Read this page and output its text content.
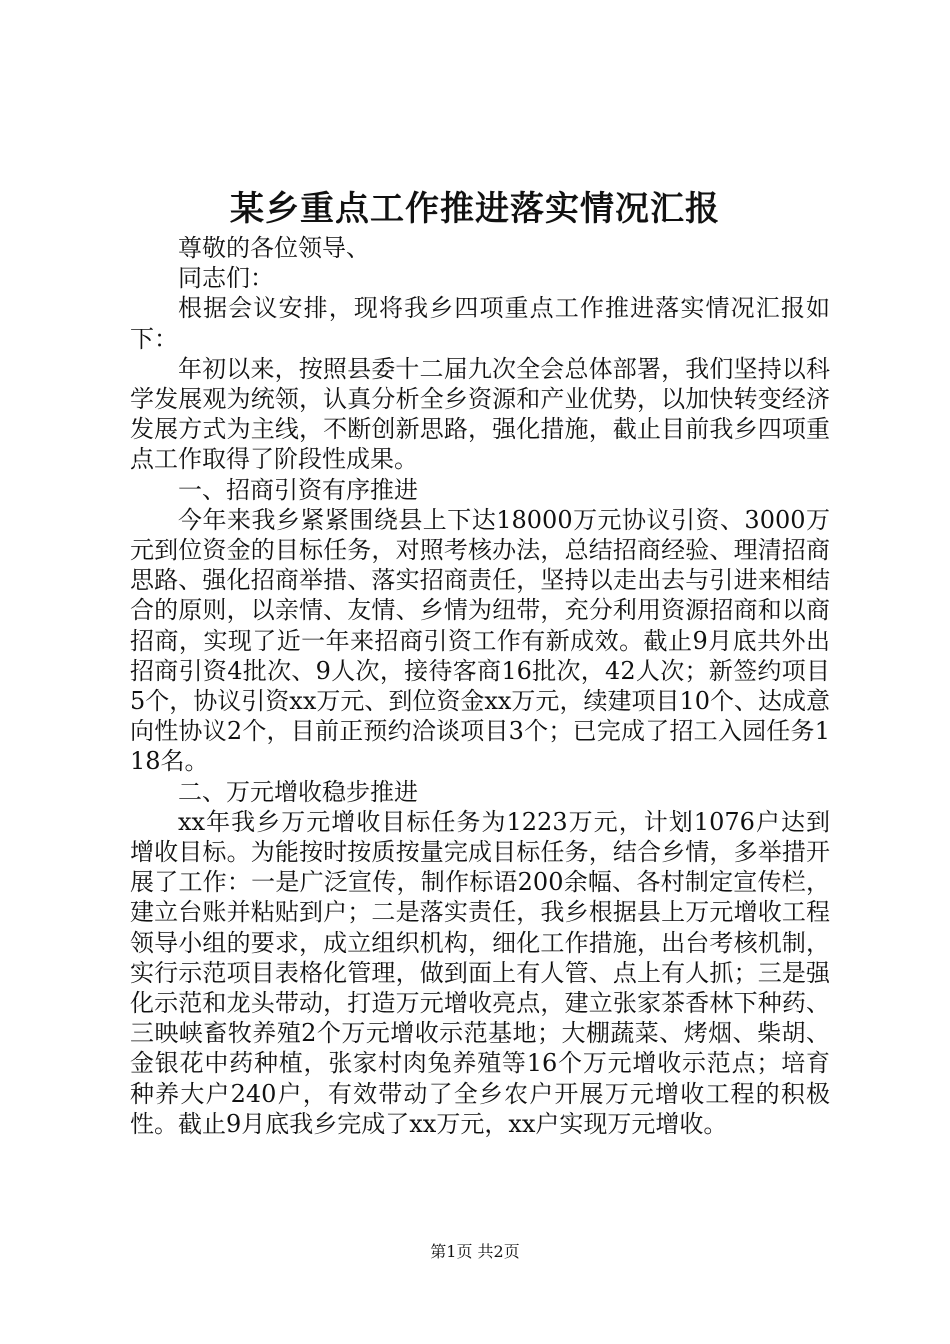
某乡重点工作推进落实情况汇报

尊敬的各位领导、

同志们：

根据会议安排，现将我乡四项重点工作推进落实情况汇报如下：

年初以来，按照县委十二届九次全会总体部署，我们坚持以科学发展观为统领，认真分析全乡资源和产业优势，以加快转变经济发展方式为主线，不断创新思路，强化措施，截止目前我乡四项重点工作取得了阶段性成果。

一、招商引资有序推进

今年来我乡紧紧围绕县上下达18000万元协议引资、3000万元到位资金的目标任务，对照考核办法，总结招商经验、理清招商思路、强化招商举措、落实招商责任，坚持以走出去与引进来相结合的原则，以亲情、友情、乡情为纽带，充分利用资源招商和以商招商，实现了近一年来招商引资工作有新成效。截止9月底共外出招商引资4批次、9人次，接待客商16批次，42人次；新签约项目5个，协议引资xx万元、到位资金xx万元，续建项目10个、达成意向性协议2个，目前正预约洽谈项目3个；已完成了招工入园任务118名。

二、万元增收稳步推进

xx年我乡万元增收目标任务为1223万元，计划1076户达到增收目标。为能按时按质按量完成目标任务，结合乡情，多举措开展了工作：一是广泛宣传，制作标语200余幅、各村制定宣传栏，建立台账并粘贴到户；二是落实责任，我乡根据县上万元增收工程领导小组的要求，成立组织机构，细化工作措施，出台考核机制，实行示范项目表格化管理，做到面上有人管、点上有人抓；三是强化示范和龙头带动，打造万元增收亮点，建立张家茶香林下种药、三映峡畜牧养殖2个万元增收示范基地；大棚蔬菜、烤烟、柴胡、金银花中药种植，张家村肉兔养殖等16个万元增收示范点；培育种养大户240户，有效带动了全乡农户开展万元增收工程的积极性。截止9月底我乡完成了xx万元，xx户实现万元增收。

第1页 共2页
